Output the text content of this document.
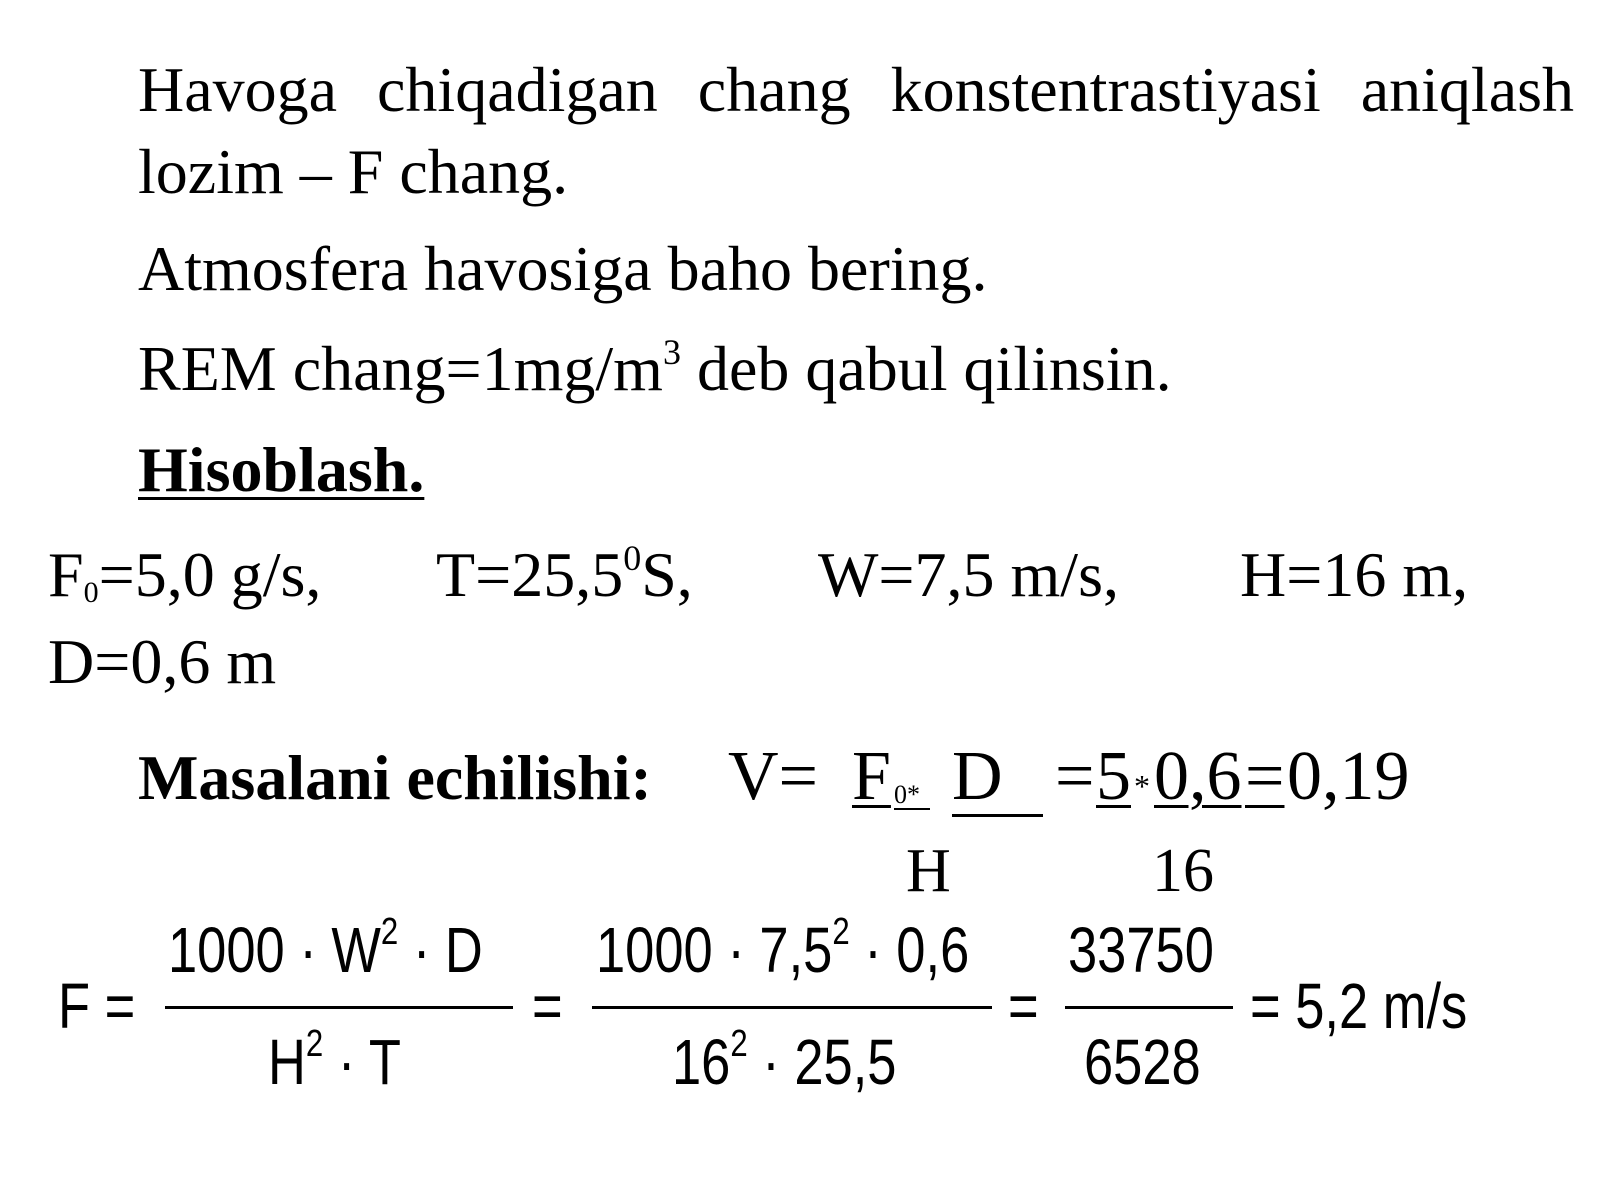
Havoga chiqadigan chang konstentrastiyasi aniqlash
lozim – F chang.
Atmosfera havosiga baho bering.
REM $chang=1mg/m^3$ deb qabul qilinsin.
Hisoblash.
$F_0=5,0$ g/s, $T=25,5^0S$, W=7,5 m/s, H=16 m,
D=0,6 m
Masalani echilishi: V= F 0* D = 5 * 0,6 = 0,19
H	16
F =
$1000 \cdot W^2 \cdot D$
$H^2 \cdot T$
=
$1000 \cdot 7,5^2 \cdot 0,6$
$16^2 \cdot 25,5$
=
33750
6528
= 5,2 m/s
